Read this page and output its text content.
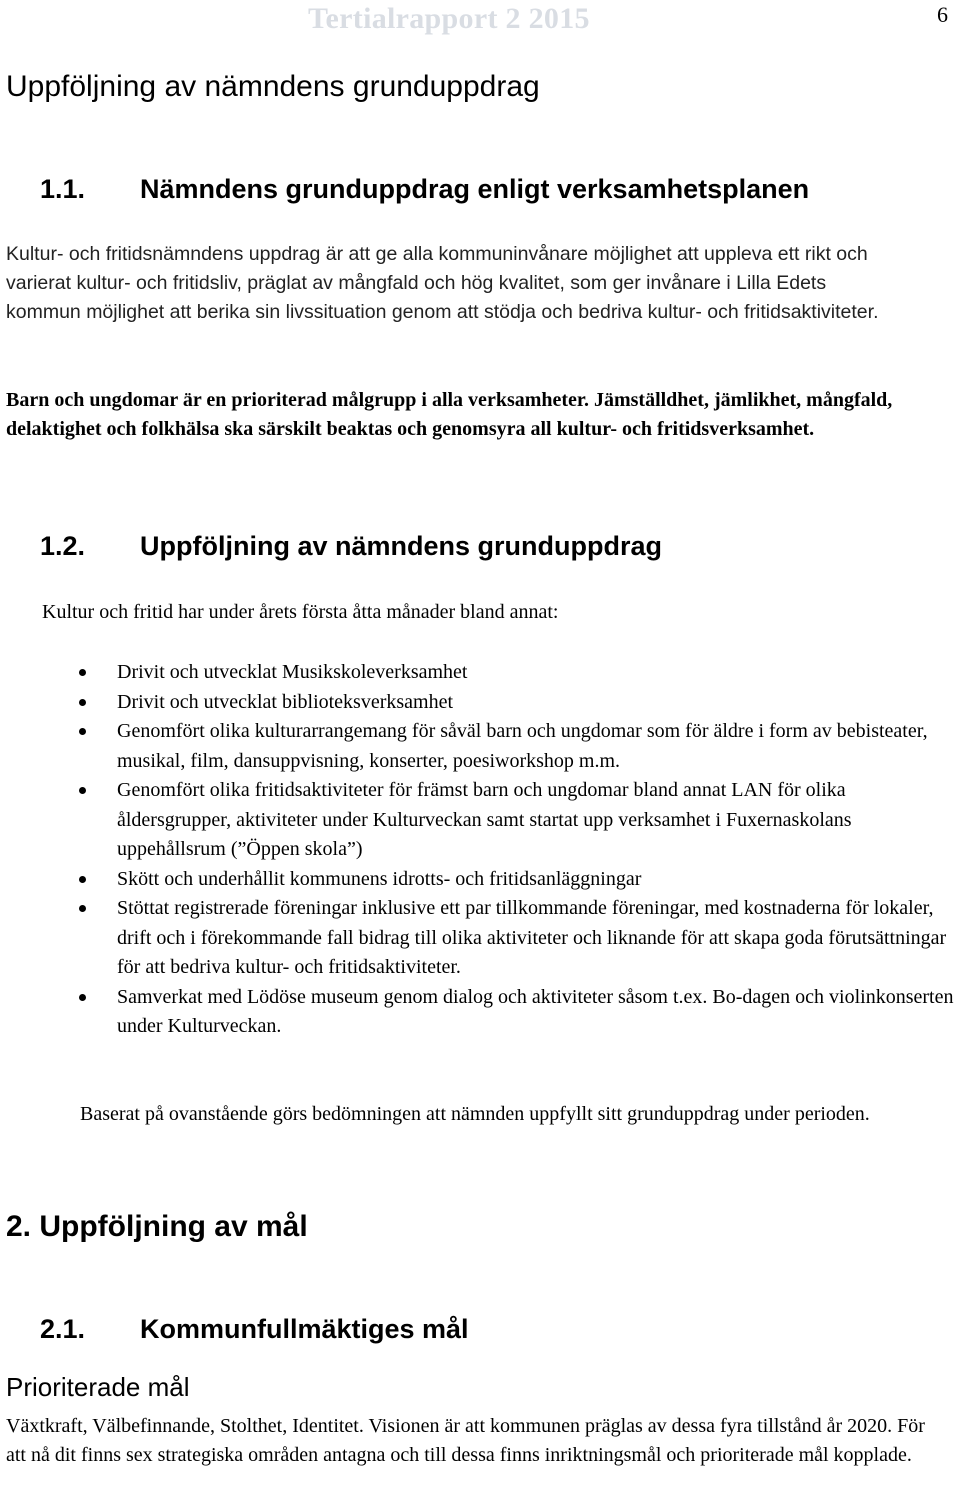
Tertialrapport 2 2015	6
Uppföljning av nämndens grunduppdrag
1.1. Nämndens grunduppdrag enligt verksamhetsplanen

Kultur- och fritidsnämndens uppdrag är att ge alla kommuninvånare möjlighet att uppleva ett rikt och varierat kultur- och fritidsliv, präglat av mångfald och hög kvalitet, som ger invånare i Lilla Edets kommun möjlighet att berika sin livssituation genom att stödja och bedriva kultur- och fritidsaktiviteter.

Barn och ungdomar är en prioriterad målgrupp i alla verksamheter. Jämställdhet, jämlikhet, mångfald, delaktighet och folkhälsa ska särskilt beaktas och genomsyra all kultur- och fritidsverksamhet.

1.2. Uppföljning av nämndens grunduppdrag

Kultur och fritid har under årets första åtta månader bland annat:

Drivit och utvecklat Musikskoleverksamhet
Drivit och utvecklat biblioteksverksamhet
Genomfört olika kulturarrangemang för såväl barn och ungdomar som för äldre i form av bebisteater, musikal, film, dansuppvisning, konserter, poesiworkshop m.m.
Genomfört olika fritidsaktiviteter för främst barn och ungdomar bland annat LAN för olika åldersgrupper, aktiviteter under Kulturveckan samt startat upp verksamhet i Fuxernaskolans uppehållsrum (”Öppen skola”)
Skött och underhållit kommunens idrotts- och fritidsanläggningar
Stöttat registrerade föreningar inklusive ett par tillkommande föreningar, med kostnaderna för lokaler, drift och i förekommande fall bidrag till olika aktiviteter och liknande för att skapa goda förutsättningar för att bedriva kultur- och fritidsaktiviteter.
Samverkat med Lödöse museum genom dialog och aktiviteter såsom t.ex. Bo-dagen och violinkonserten under Kulturveckan.

Baserat på ovanstående görs bedömningen att nämnden uppfyllt sitt grunduppdrag under perioden.

2. Uppföljning av mål
2.1. Kommunfullmäktiges mål
Prioriterade mål

Växtkraft, Välbefinnande, Stolthet, Identitet. Visionen är att kommunen präglas av dessa fyra tillstånd år 2020. För att nå dit finns sex strategiska områden antagna och till dessa finns inriktningsmål och prioriterade mål kopplade.
